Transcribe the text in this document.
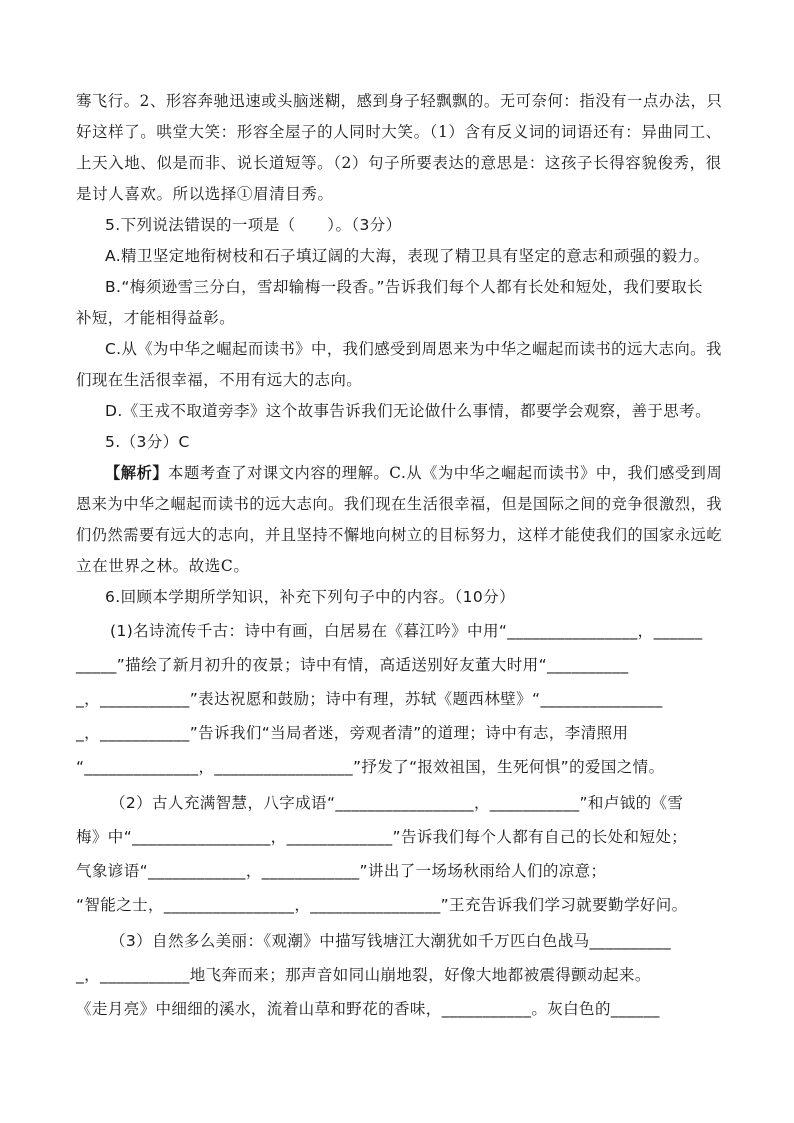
骞飞行。2、形容奔驰迅速或头脑迷糊，感到身子轻飘飘的。无可奈何：指没有一点办法，只
好这样了。哄堂大笑：形容全屋子的人同时大笑。（1）含有反义词的词语还有：异曲同工、
上天入地、似是而非、说长道短等。（2）句子所要表达的意思是：这孩子长得容貌俊秀，很
是讨人喜欢。所以选择①眉清目秀。
5.下列说法错误的一项是（　　）。（3分）
A.精卫坚定地衔树枝和石子填辽阔的大海，表现了精卫具有坚定的意志和顽强的毅力。
B.“梅须逊雪三分白，雪却输梅一段香。”告诉我们每个人都有长处和短处，我们要取长
补短，才能相得益彰。
C.从《为中华之崛起而读书》中，我们感受到周恩来为中华之崛起而读书的远大志向。我
们现在生活很幸福，不用有远大的志向。
D.《王戎不取道旁李》这个故事告诉我们无论做什么事情，都要学会观察，善于思考。
5.（3分）C
【解析】本题考查了对课文内容的理解。C.从《为中华之崛起而读书》中，我们感受到周
恩来为中华之崛起而读书的远大志向。我们现在生活很幸福，但是国际之间的竞争很激烈，我
们仍然需要有远大的志向，并且坚持不懈地向树立的目标努力，这样才能使我们的国家永远屹
立在世界之林。故选C。
6.回顾本学期所学知识，补充下列句子中的内容。（10分）
(1)名诗流传千古：诗中有画，白居易在《暮江吟》中用“________________，______
_____”描绘了新月初升的夜景；诗中有情，高适送别好友董大时用“__________
_，___________”表达祝愿和鼓励；诗中有理，苏轼《题西林壁》“_______________
_，___________”告诉我们“当局者迷，旁观者清”的道理；诗中有志，李清照用
“______________，_________________”抒发了“报效祖国，生死何惧”的爱国之情。
（2）古人充满智慧，八字成语“_________________，___________”和卢钺的《雪
梅》中“_________________，_____________”告诉我们每个人都有自己的长处和短处；
气象谚语“____________，____________”讲出了一场场秋雨给人们的凉意；
“智能之士，________________，________________”王充告诉我们学习就要勤学好问。
（3）自然多么美丽：《观潮》中描写钱塘江大潮犹如千万匹白色战马__________
_，___________地飞奔而来；那声音如同山崩地裂，好像大地都被震得颤动起来。
《走月亮》中细细的溪水，流着山草和野花的香味，___________。灰白色的______
